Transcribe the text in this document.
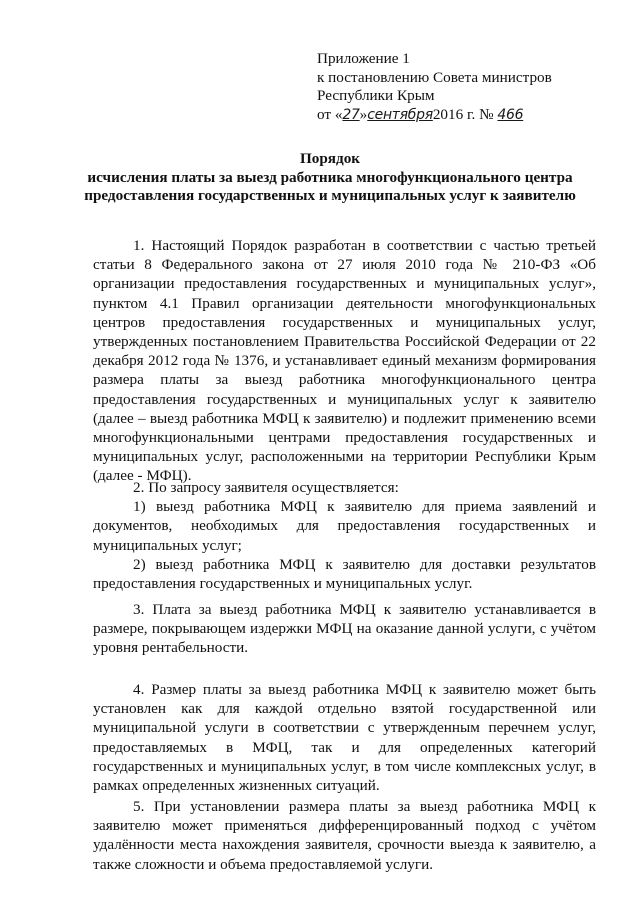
Приложение 1
к постановлению Совета министров
Республики Крым
от «27»сентября2016 г. № 466
Порядок
исчисления платы за выезд работника многофункционального центра
предоставления государственных и муниципальных услуг к заявителю

1. Настоящий Порядок разработан в соответствии с частью третьей статьи 8 Федерального закона от 27 июля 2010 года № 210-ФЗ «Об организации предоставления государственных и муниципальных услуг», пунктом 4.1 Правил организации деятельности многофункциональных центров предоставления государственных и муниципальных услуг, утвержденных постановлением Правительства Российской Федерации от 22 декабря 2012 года № 1376, и устанавливает единый механизм формирования размера платы за выезд работника многофункционального центра предоставления государственных и муниципальных услуг к заявителю (далее – выезд работника МФЦ к заявителю) и подлежит применению всеми многофункциональными центрами предоставления государственных и муниципальных услуг, расположенными на территории Республики Крым (далее - МФЦ).

2. По запросу заявителя осуществляется:

1) выезд работника МФЦ к заявителю для приема заявлений и документов, необходимых для предоставления государственных и муниципальных услуг;

2) выезд работника МФЦ к заявителю для доставки результатов предоставления государственных и муниципальных услуг.

3. Плата за выезд работника МФЦ к заявителю устанавливается в размере, покрывающем издержки МФЦ на оказание данной услуги, с учётом уровня рентабельности.

4. Размер платы за выезд работника МФЦ к заявителю может быть установлен как для каждой отдельно взятой государственной или муниципальной услуги в соответствии с утвержденным перечнем услуг, предоставляемых в МФЦ, так и для определенных категорий государственных и муниципальных услуг, в том числе комплексных услуг, в рамках определенных жизненных ситуаций.

5. При установлении размера платы за выезд работника МФЦ к заявителю может применяться дифференцированный подход с учётом удалённости места нахождения заявителя, срочности выезда к заявителю, а также сложности и объема предоставляемой услуги.
